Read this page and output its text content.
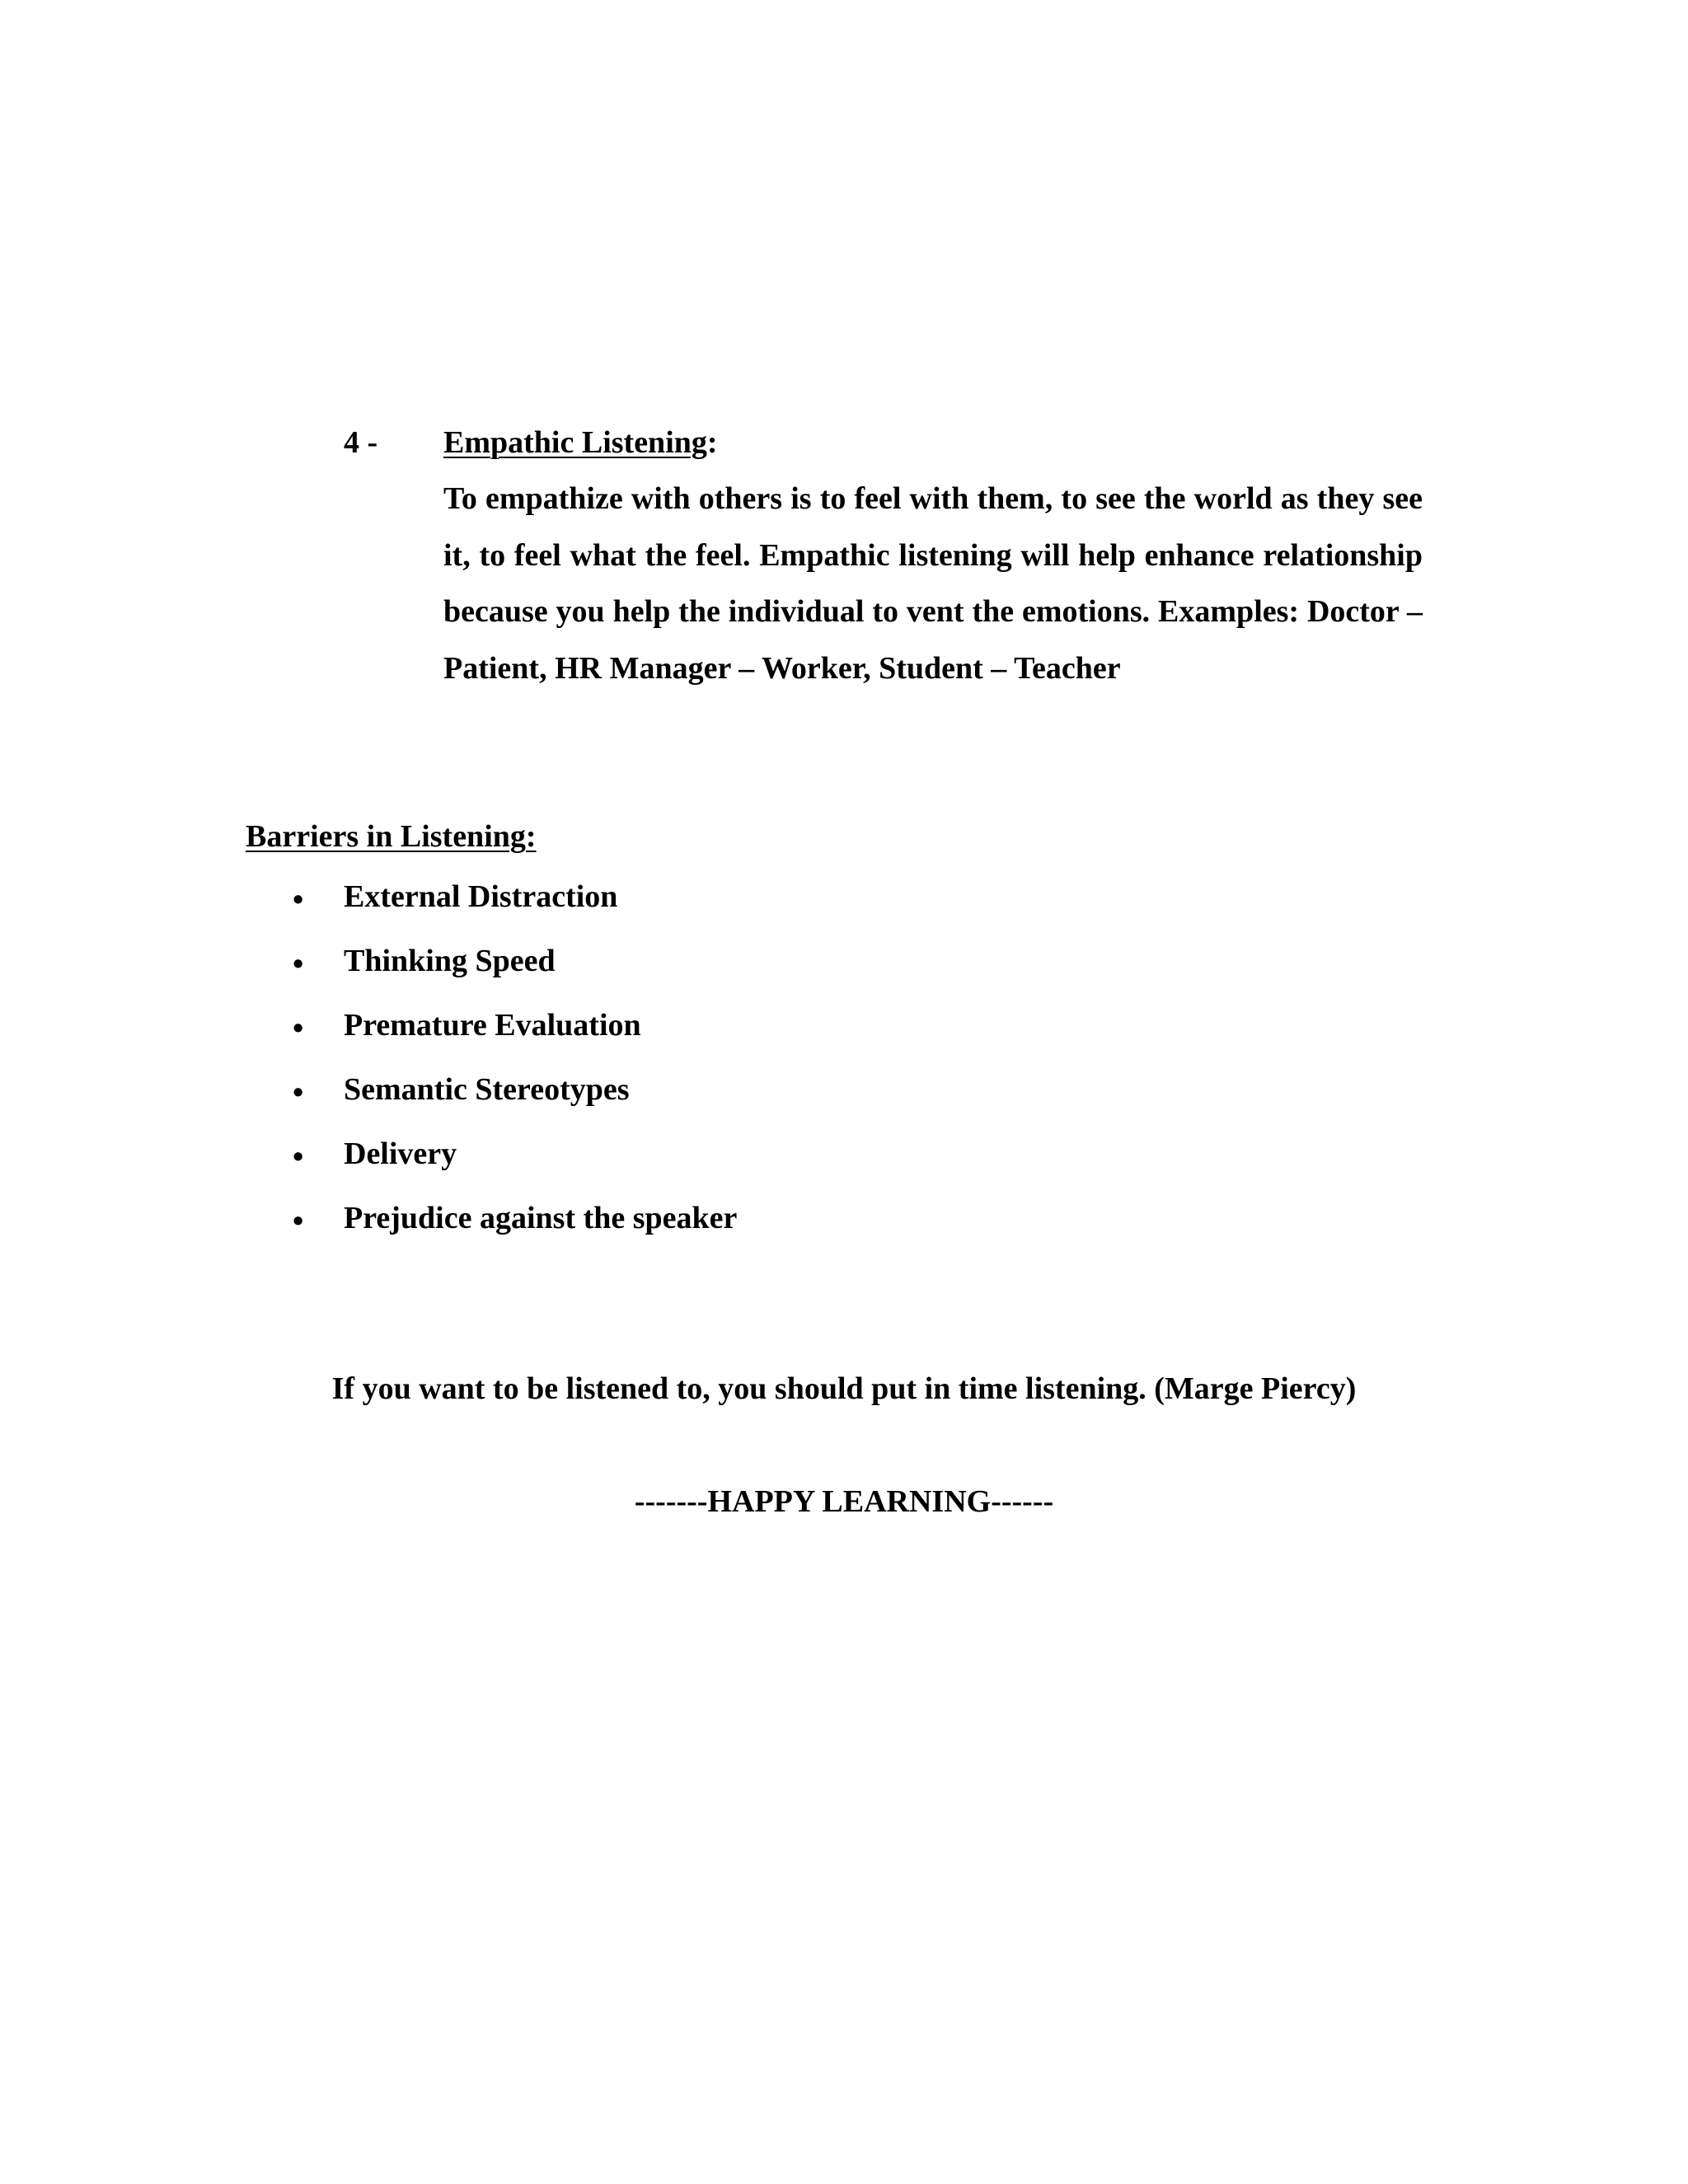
4 - Empathic Listening:

To empathize with others is to feel with them, to see the world as they see it, to feel what the feel. Empathic listening will help enhance relationship because you help the individual to vent the emotions. Examples: Doctor – Patient, HR Manager – Worker, Student – Teacher

Barriers in Listening:
• External Distraction
• Thinking Speed
• Premature Evaluation
• Semantic Stereotypes
• Delivery
• Prejudice against the speaker
If you want to be listened to, you should put in time listening. (Marge Piercy)
-------HAPPY LEARNING------
